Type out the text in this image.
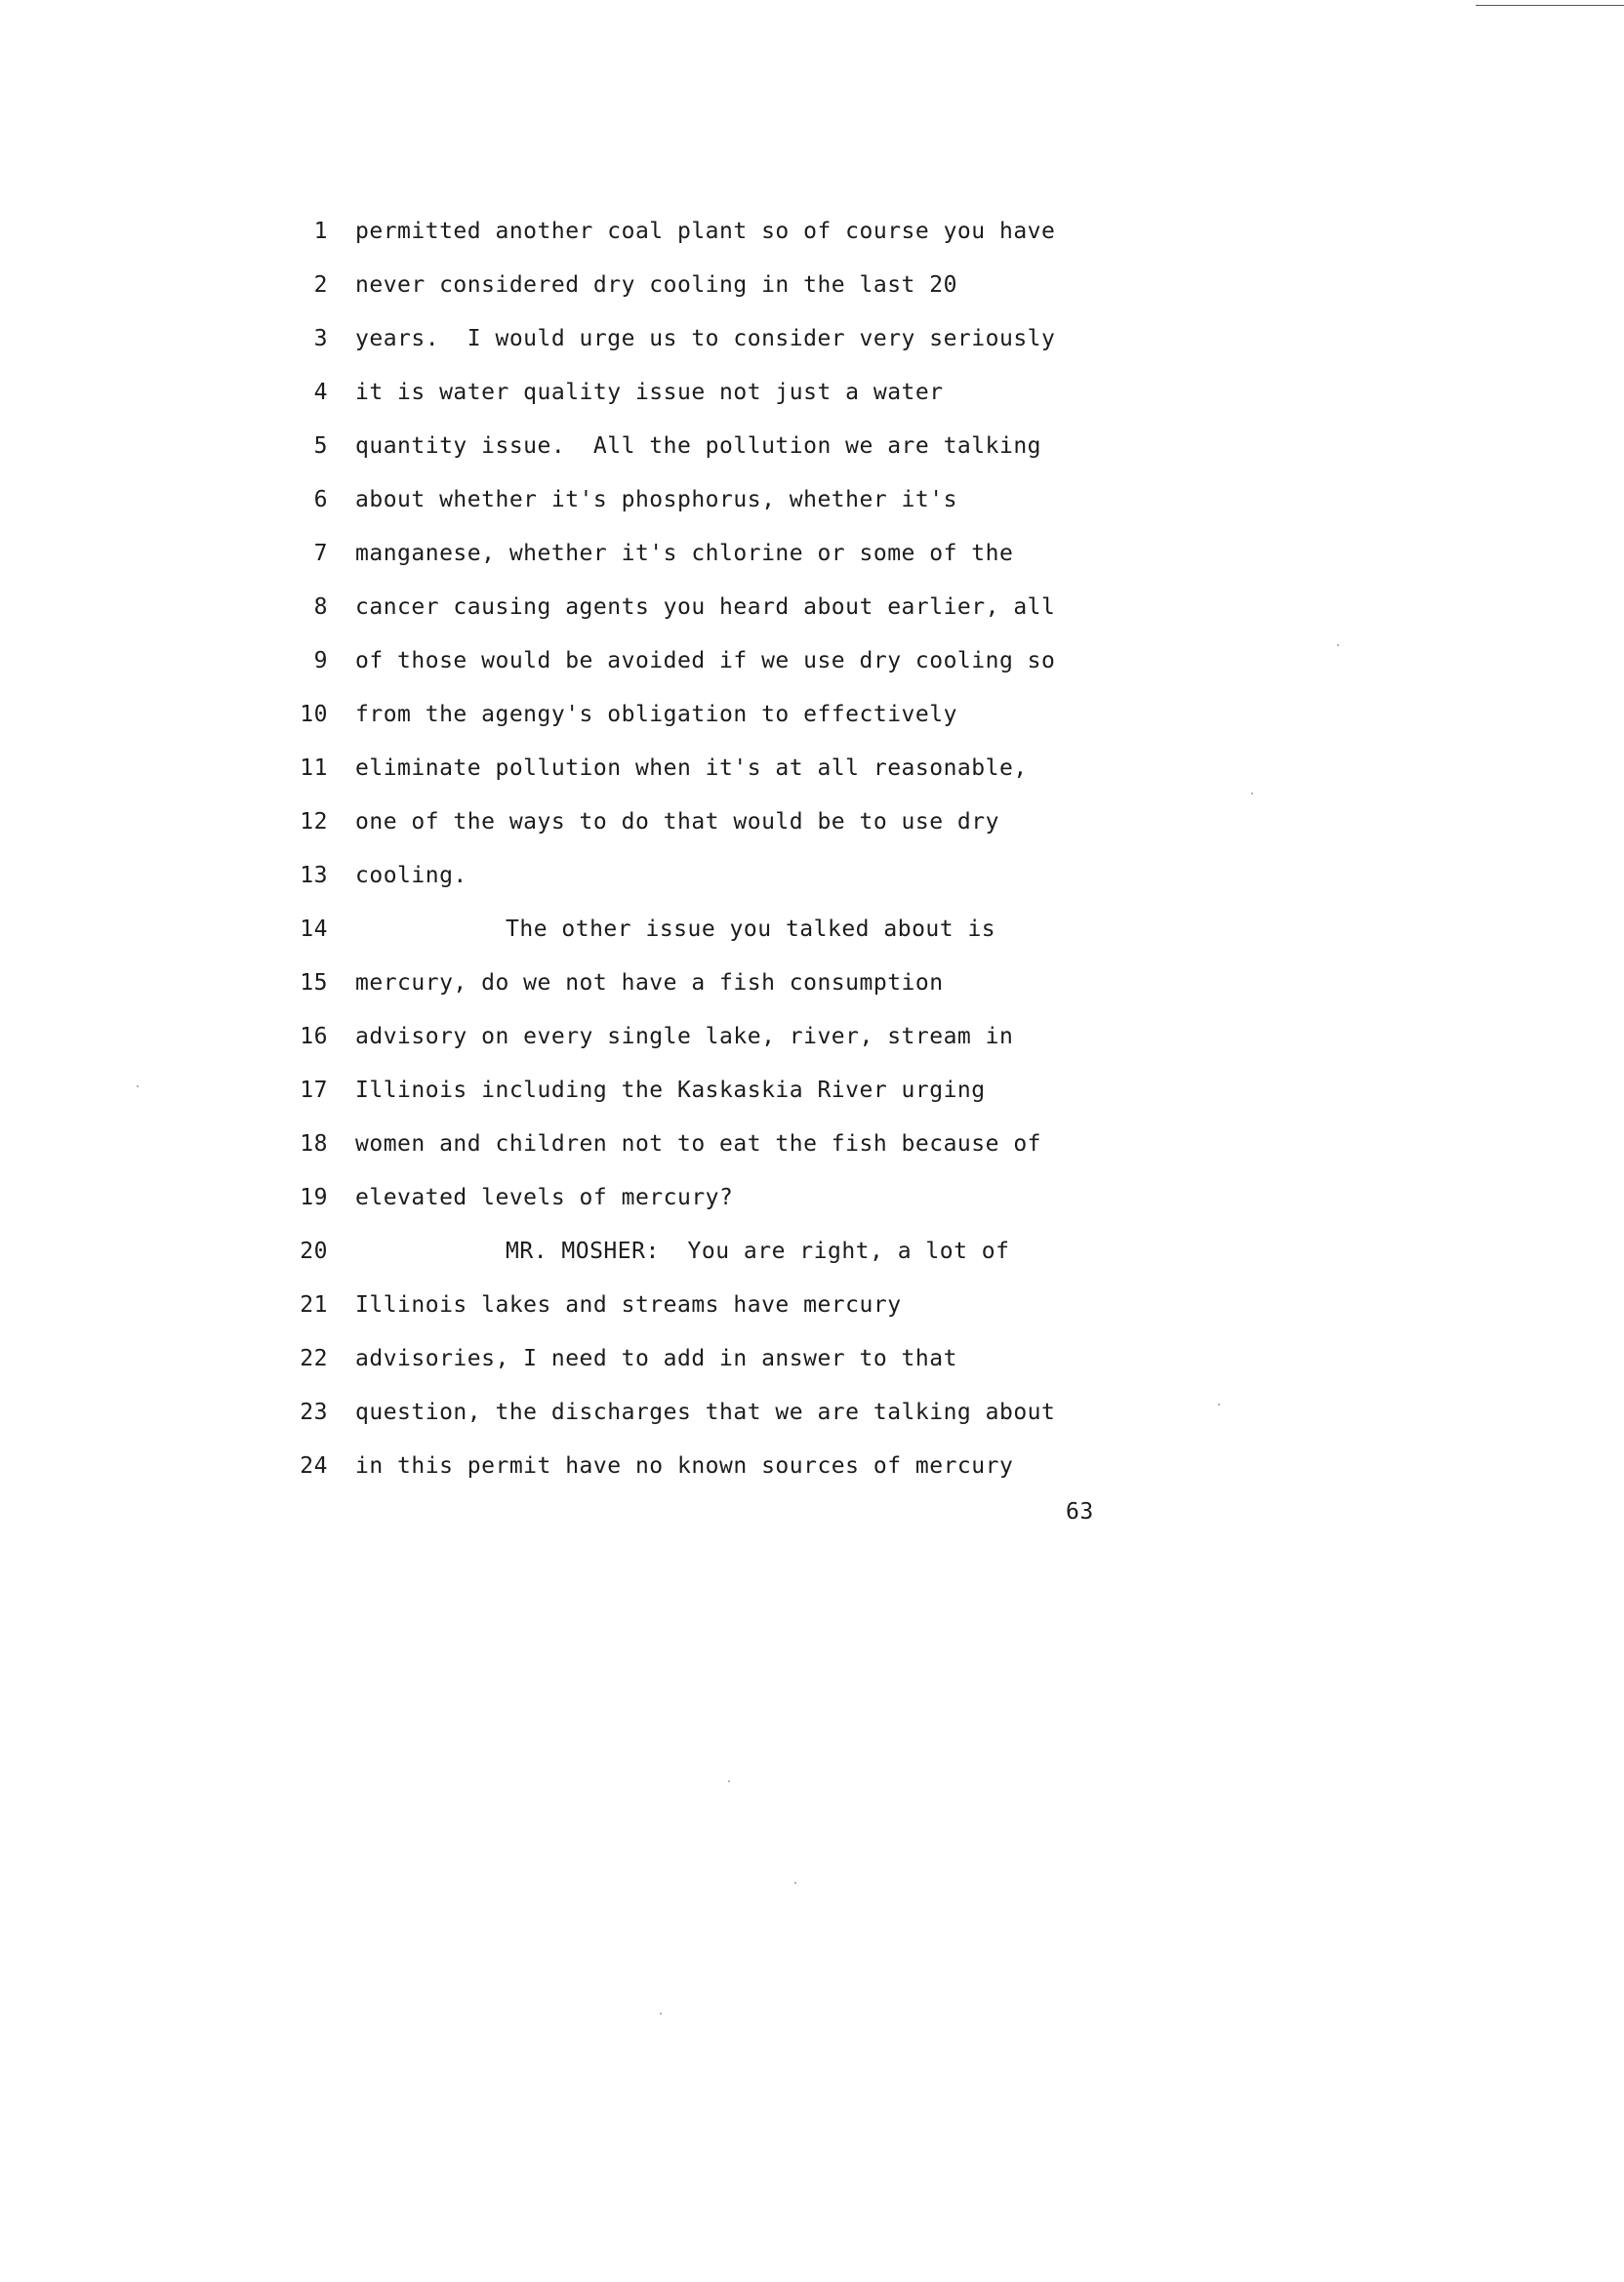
1

permitted another coal plant so of course you have

2

never considered dry cooling in the last 20

3

years.  I would urge us to consider very seriously

4

it is water quality issue not just a water

5

quantity issue.  All the pollution we are talking

6

about whether it's phosphorus, whether it's

7

manganese, whether it's chlorine or some of the

8

cancer causing agents you heard about earlier, all

9

of those would be avoided if we use dry cooling so

10

from the agengy's obligation to effectively

11

eliminate pollution when it's at all reasonable,

12

one of the ways to do that would be to use dry

13

cooling.

14

	The other issue you talked about is

15

mercury, do we not have a fish consumption

16

advisory on every single lake, river, stream in

17

Illinois including the Kaskaskia River urging

18

women and children not to eat the fish because of

19

elevated levels of mercury?

20

	MR. MOSHER:  You are right, a lot of

21

Illinois lakes and streams have mercury

22

advisories, I need to add in answer to that

23

question, the discharges that we are talking about

24

in this permit have no known sources of mercury

63
